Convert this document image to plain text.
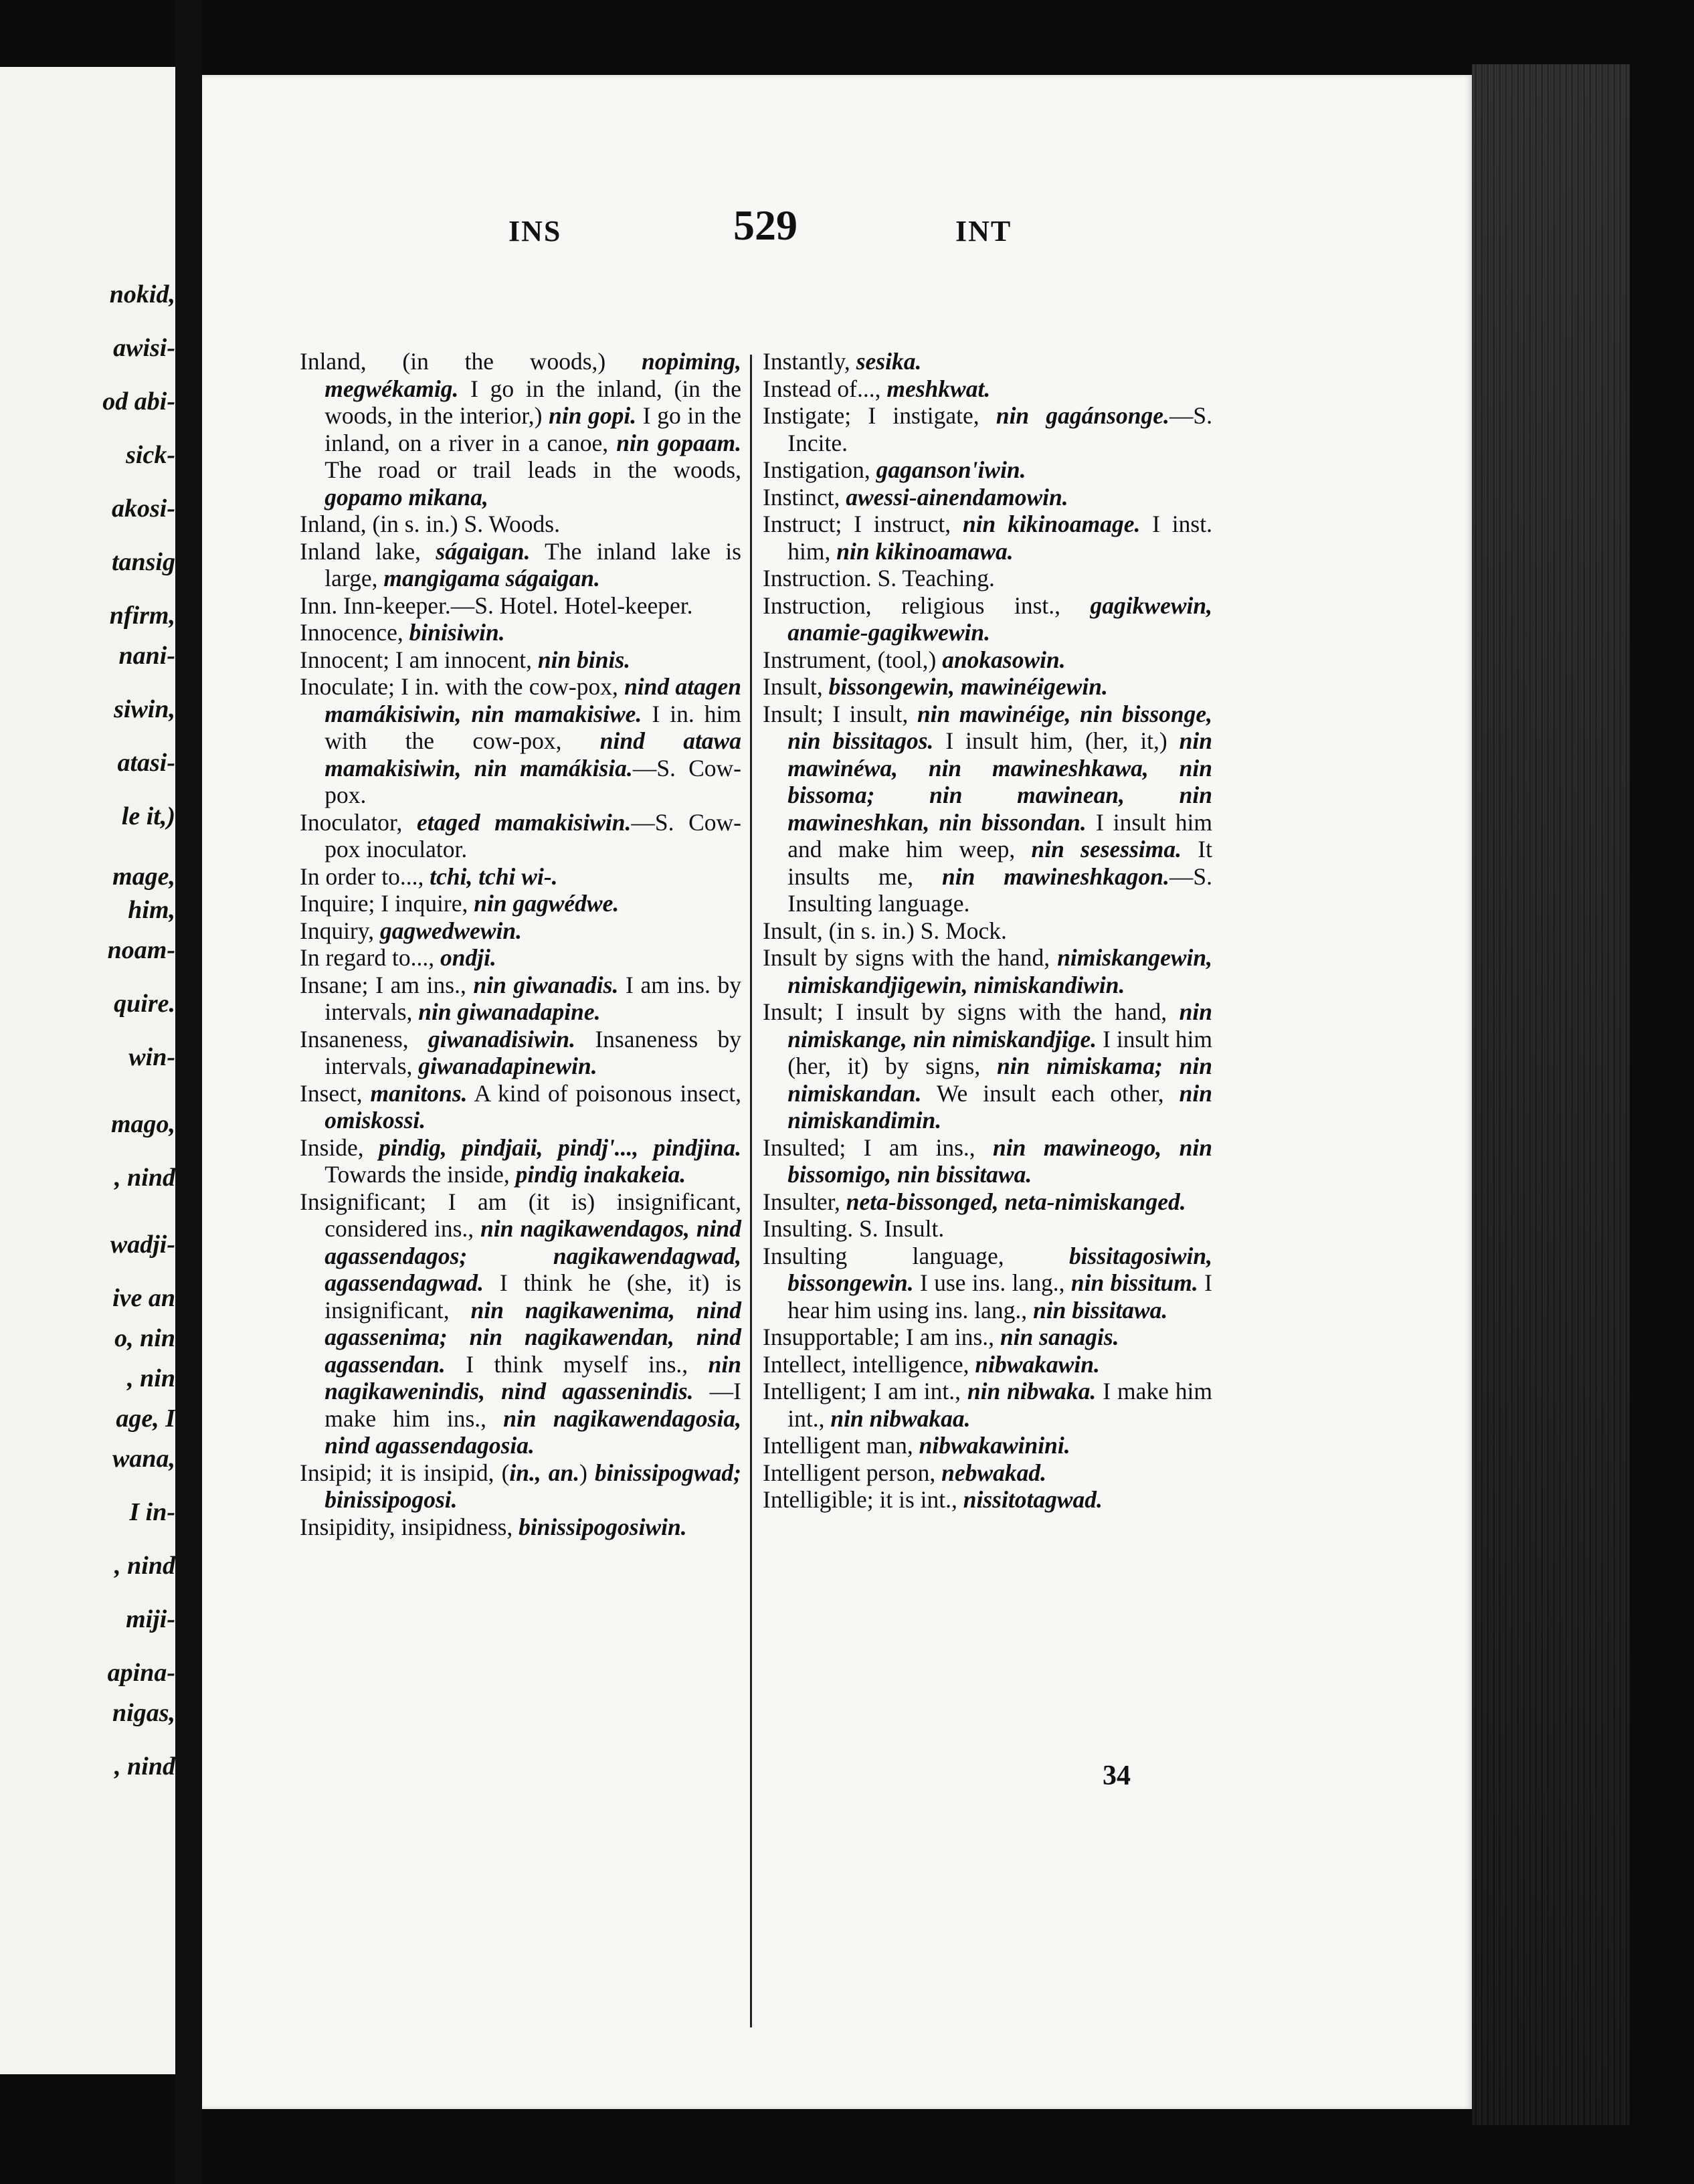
nokid,
awisi-
od abi-
sick-
akosi-
tansig
nfirm,
nani-
siwin,
atasi-
le it,)
mage,
him,
noam-
quire.
win-
mago,
, nind
wadji-
ive an
o, nin
, nin
age, I
wana,
I in-
, nind
miji-
apina-
nigas,
, nind
INS	529	INT

Inland, (in the woods,) nopiming, megwékamig. I go in the inland, (in the woods, in the interior,) nin gopi. I go in the inland, on a river in a canoe, nin gopaam. The road or trail leads in the woods, gopamo mikana,

Inland, (in s. in.) S. Woods.

Inland lake, ságaigan. The inland lake is large, mangigama ságaigan.

Inn. Inn-keeper.—S. Hotel. Hotel-keeper.

Innocence, binisiwin.

Innocent; I am innocent, nin binis.

Inoculate; I in. with the cow-pox, nind atagen mamákisiwin, nin mamakisiwe. I in. him with the cow-pox, nind atawa mamakisiwin, nin mamákisia.—S. Cow-pox.

Inoculator, etaged mamakisiwin.—S. Cow-pox inoculator.

In order to..., tchi, tchi wi-.

Inquire; I inquire, nin gagwédwe.

Inquiry, gagwedwewin.

In regard to..., ondji.

Insane; I am ins., nin giwanadis. I am ins. by intervals, nin giwanadapine.

Insaneness, giwanadisiwin. Insaneness by intervals, giwanadapinewin.

Insect, manitons. A kind of poisonous insect, omiskossi.

Inside, pindig, pindjaii, pindj'..., pindjina. Towards the inside, pindig inakakeia.

Insignificant; I am (it is) insignificant, considered ins., nin nagikawendagos, nind agassendagos; nagikawendagwad, agassendagwad. I think he (she, it) is insignificant, nin nagikawenima, nind agassenima; nin nagikawendan, nind agassendan. I think myself ins., nin nagikawenindis, nind agassenindis. —I make him ins., nin nagikawendagosia, nind agassendagosia.

Insipid; it is insipid, (in., an.) binissipogwad; binissipogosi.

Insipidity, insipidness, binissipogosiwin.

Instantly, sesika.

Instead of..., meshkwat.

Instigate; I instigate, nin gagánsonge.—S. Incite.

Instigation, gaganson'iwin.

Instinct, awessi-ainendamowin.

Instruct; I instruct, nin kikinoamage. I inst. him, nin kikinoamawa.

Instruction. S. Teaching.

Instruction, religious inst., gagikwewin, anamie-gagikwewin.

Instrument, (tool,) anokasowin.

Insult, bissongewin, mawinéigewin.

Insult; I insult, nin mawinéige, nin bissonge, nin bissitagos. I insult him, (her, it,) nin mawinéwa, nin mawineshkawa, nin bissoma; nin mawinean, nin mawineshkan, nin bissondan. I insult him and make him weep, nin sesessima. It insults me, nin mawineshkagon.—S. Insulting language.

Insult, (in s. in.) S. Mock.

Insult by signs with the hand, nimiskangewin, nimiskandjigewin, nimiskandiwin.

Insult; I insult by signs with the hand, nin nimiskange, nin nimiskandjige. I insult him (her, it) by signs, nin nimiskama; nin nimiskandan. We insult each other, nin nimiskandimin.

Insulted; I am ins., nin mawineogo, nin bissomigo, nin bissitawa.

Insulter, neta-bissonged, neta-nimiskanged.

Insulting. S. Insult.

Insulting language, bissitagosiwin, bissongewin. I use ins. lang., nin bissitum. I hear him using ins. lang., nin bissitawa.

Insupportable; I am ins., nin sanagis.

Intellect, intelligence, nibwakawin.

Intelligent; I am int., nin nibwaka. I make him int., nin nibwakaa.

Intelligent man, nibwakawinini.

Intelligent person, nebwakad.

Intelligible; it is int., nissitotagwad.

34
